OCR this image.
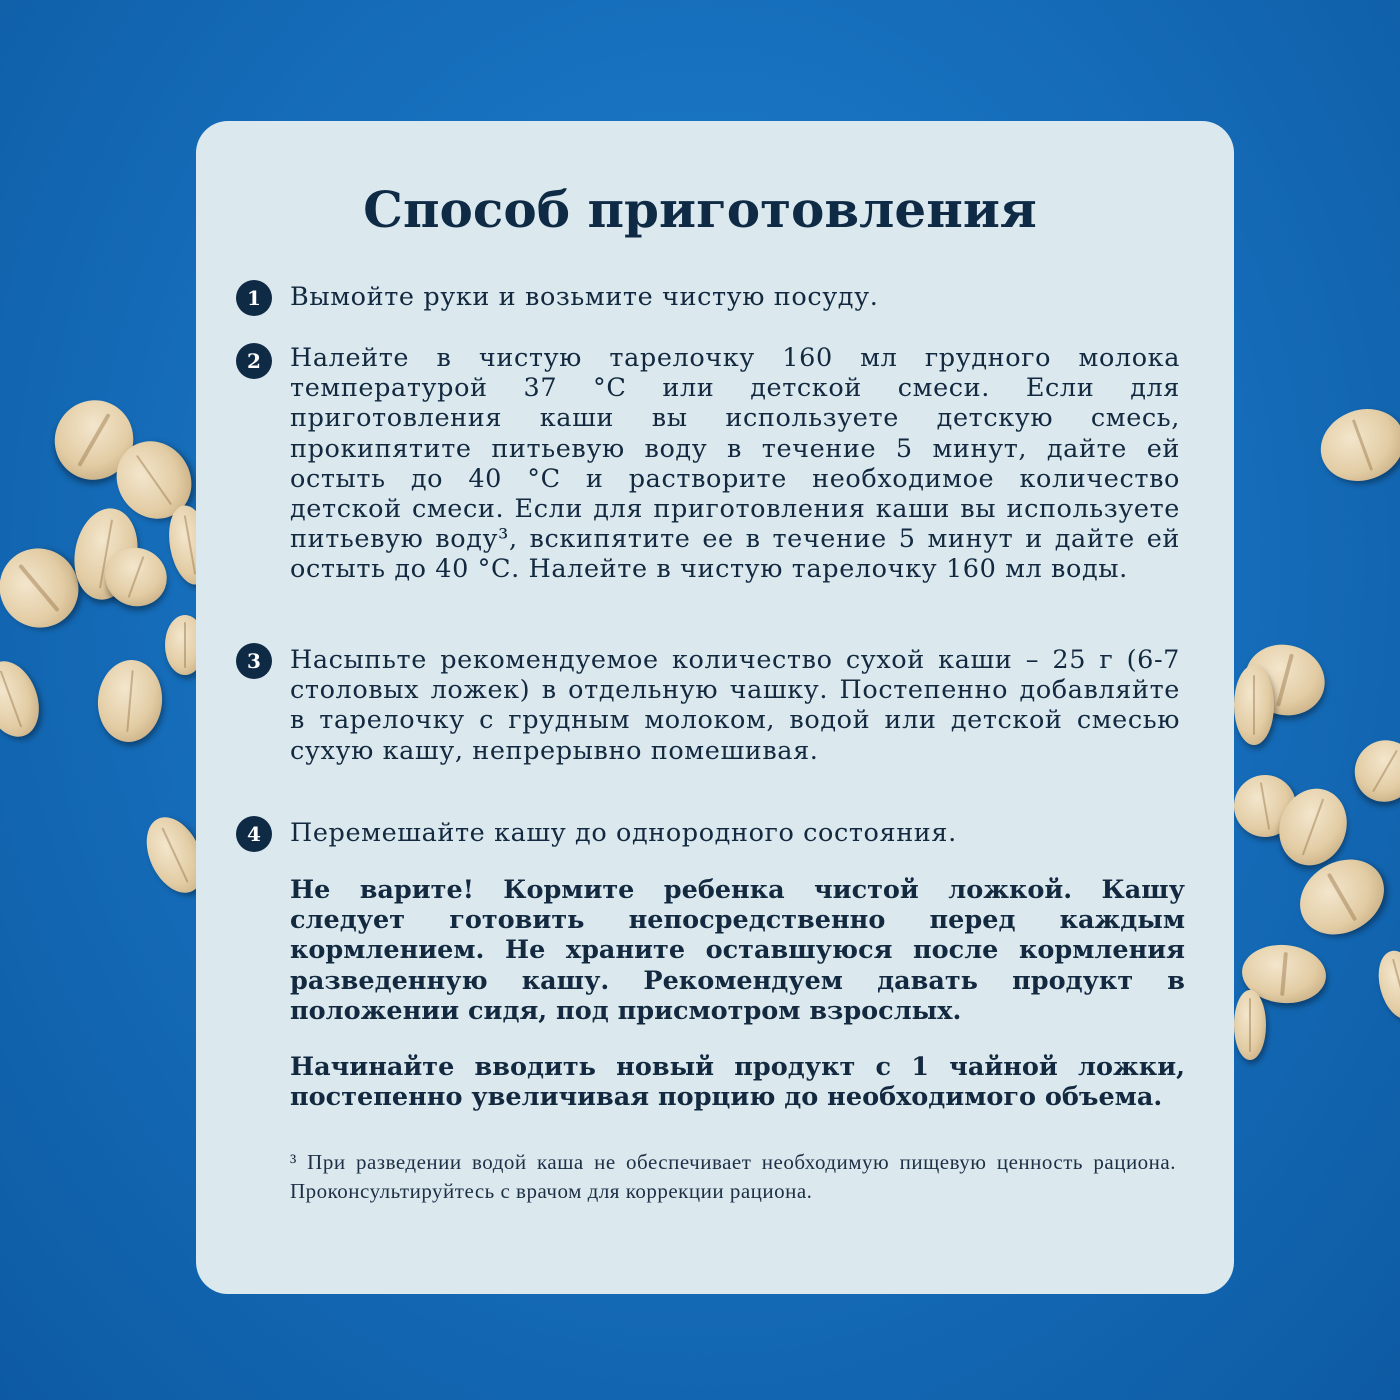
Способ приготовления
1	Вымойте руки и возьмите чистую посуду.
2	Налейте в чистую тарелочку 160 мл грудного молока температурой 37 °С или детской смеси. Если для приготовления каши вы используете детскую смесь, прокипятите питьевую воду в течение 5 минут, дайте ей остыть до 40 °С и растворите необходимое количество детской смеси. Если для приготовления каши вы используете питьевую воду³, вскипятите ее в течение 5 минут и дайте ей остыть до 40 °С. Налейте в чистую тарелочку 160 мл воды.
3	Насыпьте рекомендуемое количество сухой каши – 25 г (6-7 столовых ложек) в отдельную чашку. Постепенно добавляйте в тарелочку с грудным молоком, водой или детской смесью сухую кашу, непрерывно помешивая.
4	Перемешайте кашу до однородного состояния.
Не варите! Кормите ребенка чистой ложкой. Кашу следует готовить непосредственно перед каждым кормлением. Не храните оставшуюся после кормления разведенную кашу. Рекомендуем давать продукт в положении сидя, под присмотром взрослых.
Начинайте вводить новый продукт с 1 чайной ложки, постепенно увеличивая порцию до необходимого объема.
³ При разведении водой каша не обеспечивает необходимую пищевую ценность рациона. Проконсультируйтесь с врачом для коррекции рациона.
